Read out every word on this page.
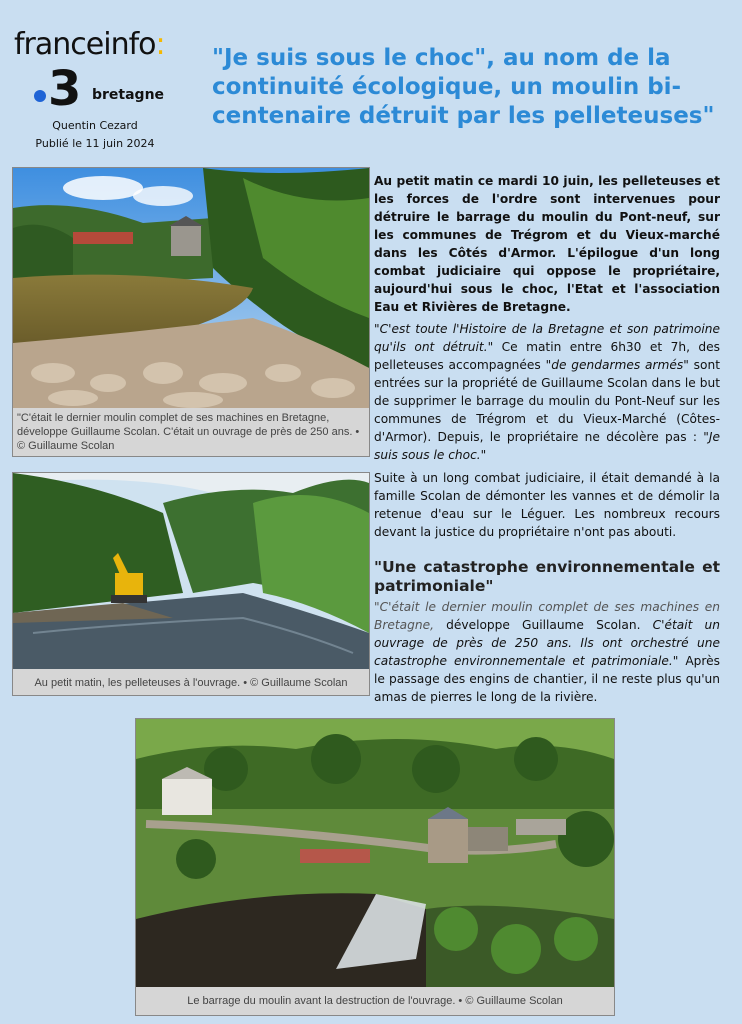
franceinfo:
3 bretagne
Quentin Cezard
Publié le 11 juin 2024
"Je suis sous le choc", au nom de la continuité écologique, un moulin bi-centenaire détruit par les pelleteuses"
"C'était le dernier moulin complet de ses machines en Bretagne, développe Guillaume Scolan. C'était un ouvrage de près de 250 ans. • © Guillaume Scolan
Au petit matin, les pelleteuses à l'ouvrage. • © Guillaume Scolan
Le barrage du moulin avant la destruction de l'ouvrage. • © Guillaume Scolan

Au petit matin ce mardi 10 juin, les pelleteuses et les forces de l'ordre sont intervenues pour détruire le barrage du moulin du Pont-neuf, sur les communes de Trégrom et du Vieux-marché dans les Côtés d'Armor. L'épilogue d'un long combat judiciaire qui oppose le propriétaire, aujourd'hui sous le choc, l'Etat et l'association Eau et Rivières de Bretagne.

"C'est toute l'Histoire de la Bretagne et son patrimoine qu'ils ont détruit." Ce matin entre 6h30 et 7h, des pelleteuses accompagnées "de gendarmes armés" sont entrées sur la propriété de Guillaume Scolan dans le but de supprimer le barrage du moulin du Pont-Neuf sur les communes de Trégrom et du Vieux-Marché (Côtes-d'Armor). Depuis, le propriétaire ne décolère pas : "Je suis sous le choc."

Suite à un long combat judiciaire, il était demandé à la famille Scolan de démonter les vannes et de démolir la retenue d'eau sur le Léguer. Les nombreux recours devant la justice du propriétaire n'ont pas abouti.

"Une catastrophe environnementale et patrimoniale"

"C'était le dernier moulin complet de ses machines en Bretagne, développe Guillaume Scolan. C'était un ouvrage de près de 250 ans. Ils ont orchestré une catastrophe environnementale et patrimoniale." Après le passage des engins de chantier, il ne reste plus qu'un amas de pierres le long de la rivière.
